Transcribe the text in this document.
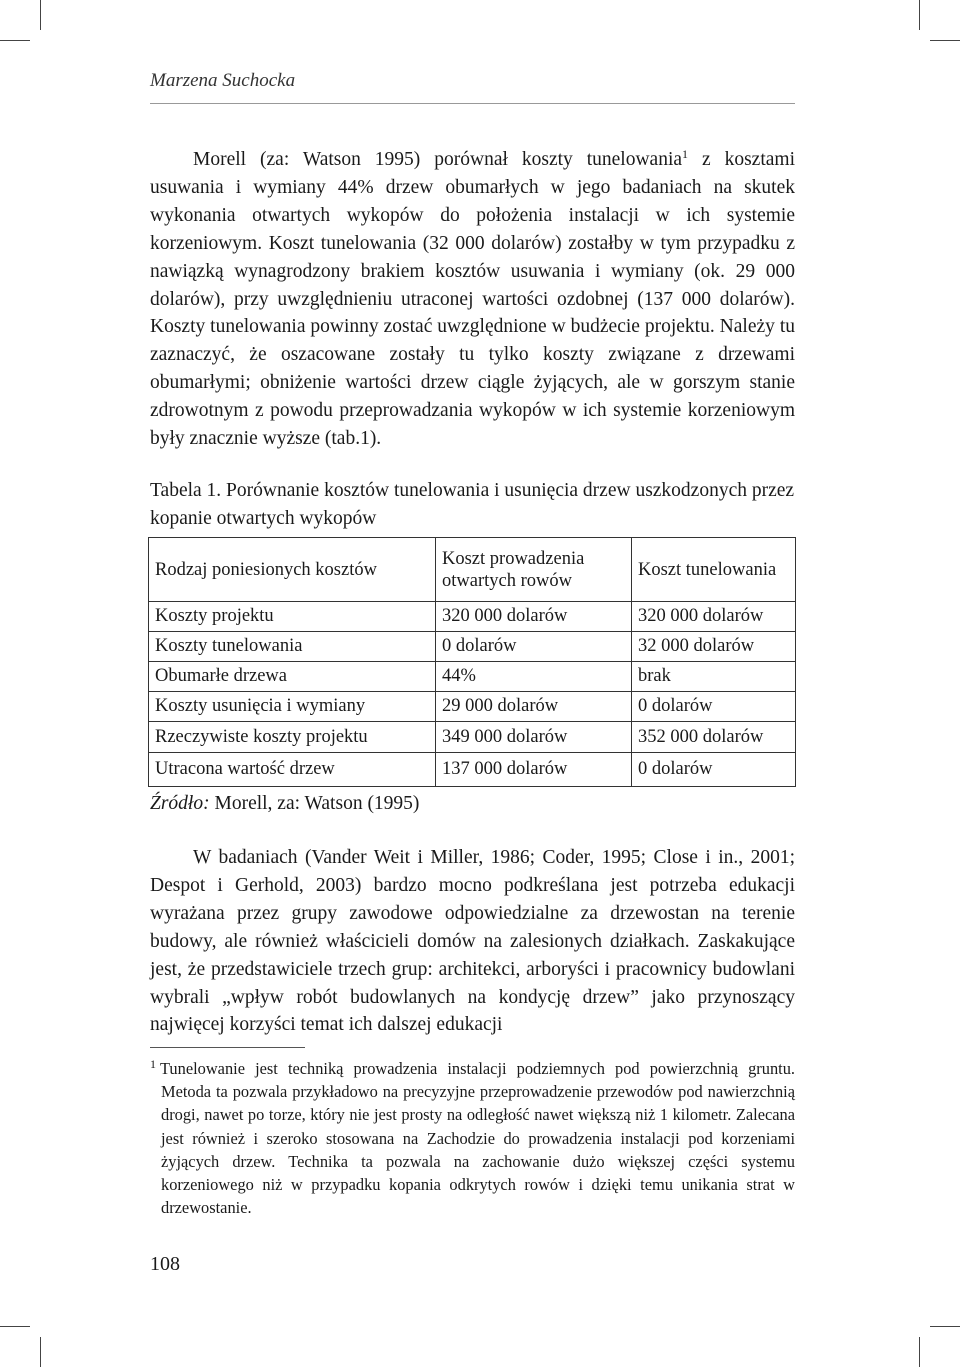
Marzena Suchocka

Morell (za: Watson 1995) porównał koszty tunelowania$^1$ z kosztami usuwania i wymiany 44% drzew obumarłych w jego badaniach na skutek wykonania otwartych wykopów do położenia instalacji w ich systemie korzeniowym. Koszt tunelowania (32 000 dolarów) zostałby w tym przypadku z nawiązką wynagrodzony brakiem kosztów usuwania i wymiany (ok. 29 000 dolarów), przy uwzględnieniu utraconej wartości ozdobnej (137 000 dolarów). Koszty tunelowania powinny zostać uwzględnione w budżecie projektu. Należy tu zaznaczyć, że oszacowane zostały tu tylko koszty związane z drzewami obumarłymi; obniżenie wartości drzew ciągle żyjących, ale w gorszym stanie zdrowotnym z powodu przeprowadzania wykopów w ich systemie korzeniowym były znacznie wyższe (tab.1).

Tabela 1. Porównanie kosztów tunelowania i usunięcia drzew uszkodzonych przez kopanie otwartych wykopów
Rodzaj poniesionych kosztów	Koszt prowadzenia otwartych rowów	Koszt tunelowania
Koszty projektu	320 000 dolarów	320 000 dolarów
Koszty tunelowania	0 dolarów	32 000 dolarów
Obumarłe drzewa	44%	brak
Koszty usunięcia i wymiany	29 000 dolarów	0 dolarów
Rzeczywiste koszty projektu	349 000 dolarów	352 000 dolarów
Utracona wartość drzew	137 000 dolarów	0 dolarów
Źródło: Morell, za: Watson (1995)

W badaniach (Vander Weit i Miller, 1986; Coder, 1995; Close i in., 2001; Despot i Gerhold, 2003) bardzo mocno podkreślana jest potrzeba edukacji wyrażana przez grupy zawodowe odpowiedzialne za drzewostan na terenie budowy, ale również właścicieli domów na zalesionych działkach. Zaskakujące jest, że przedstawiciele trzech grup: architekci, arboryści i pracownicy budowlani wybrali „wpływ robót budowlanych na kondycję drzew” jako przynoszący najwięcej korzyści temat ich dalszej edukacji

$^1$ Tunelowanie jest techniką prowadzenia instalacji podziemnych pod powierzchnią gruntu. Metoda ta pozwala przykładowo na precyzyjne przeprowadzenie przewodów pod nawierzchnią drogi, nawet po torze, który nie jest prosty na odległość nawet większą niż 1 kilometr. Zalecana jest również i szeroko stosowana na Zachodzie do prowadzenia instalacji pod korzeniami żyjących drzew. Technika ta pozwala na zachowanie dużo większej części systemu korzeniowego niż w przypadku kopania odkrytych rowów i dzięki temu unikania strat w drzewostanie.
108
